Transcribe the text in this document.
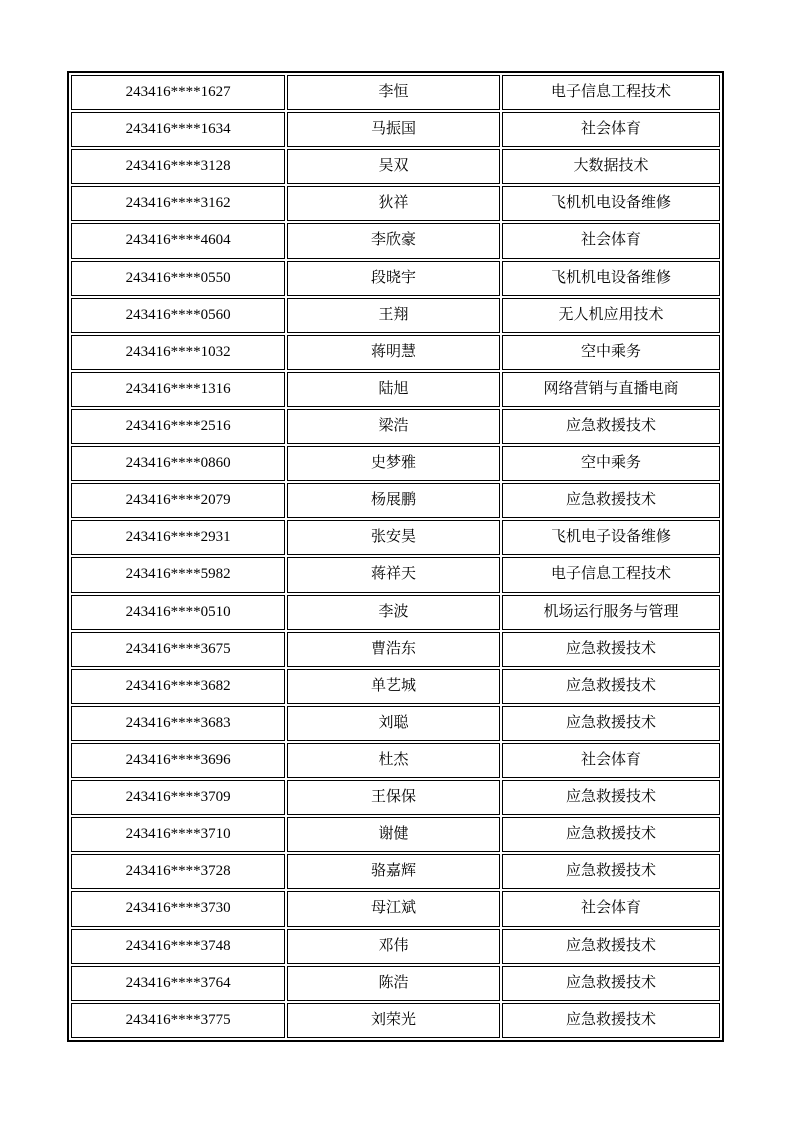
243416****1627	李恒	电子信息工程技术
243416****1634	马振国	社会体育
243416****3128	吴双	大数据技术
243416****3162	狄祥	飞机机电设备维修
243416****4604	李欣豪	社会体育
243416****0550	段晓宇	飞机机电设备维修
243416****0560	王翔	无人机应用技术
243416****1032	蒋明慧	空中乘务
243416****1316	陆旭	网络营销与直播电商
243416****2516	梁浩	应急救援技术
243416****0860	史梦雅	空中乘务
243416****2079	杨展鹏	应急救援技术
243416****2931	张安昊	飞机电子设备维修
243416****5982	蒋祥天	电子信息工程技术
243416****0510	李波	机场运行服务与管理
243416****3675	曹浩东	应急救援技术
243416****3682	单艺城	应急救援技术
243416****3683	刘聪	应急救援技术
243416****3696	杜杰	社会体育
243416****3709	王保保	应急救援技术
243416****3710	谢健	应急救援技术
243416****3728	骆嘉辉	应急救援技术
243416****3730	母江斌	社会体育
243416****3748	邓伟	应急救援技术
243416****3764	陈浩	应急救援技术
243416****3775	刘荣光	应急救援技术
